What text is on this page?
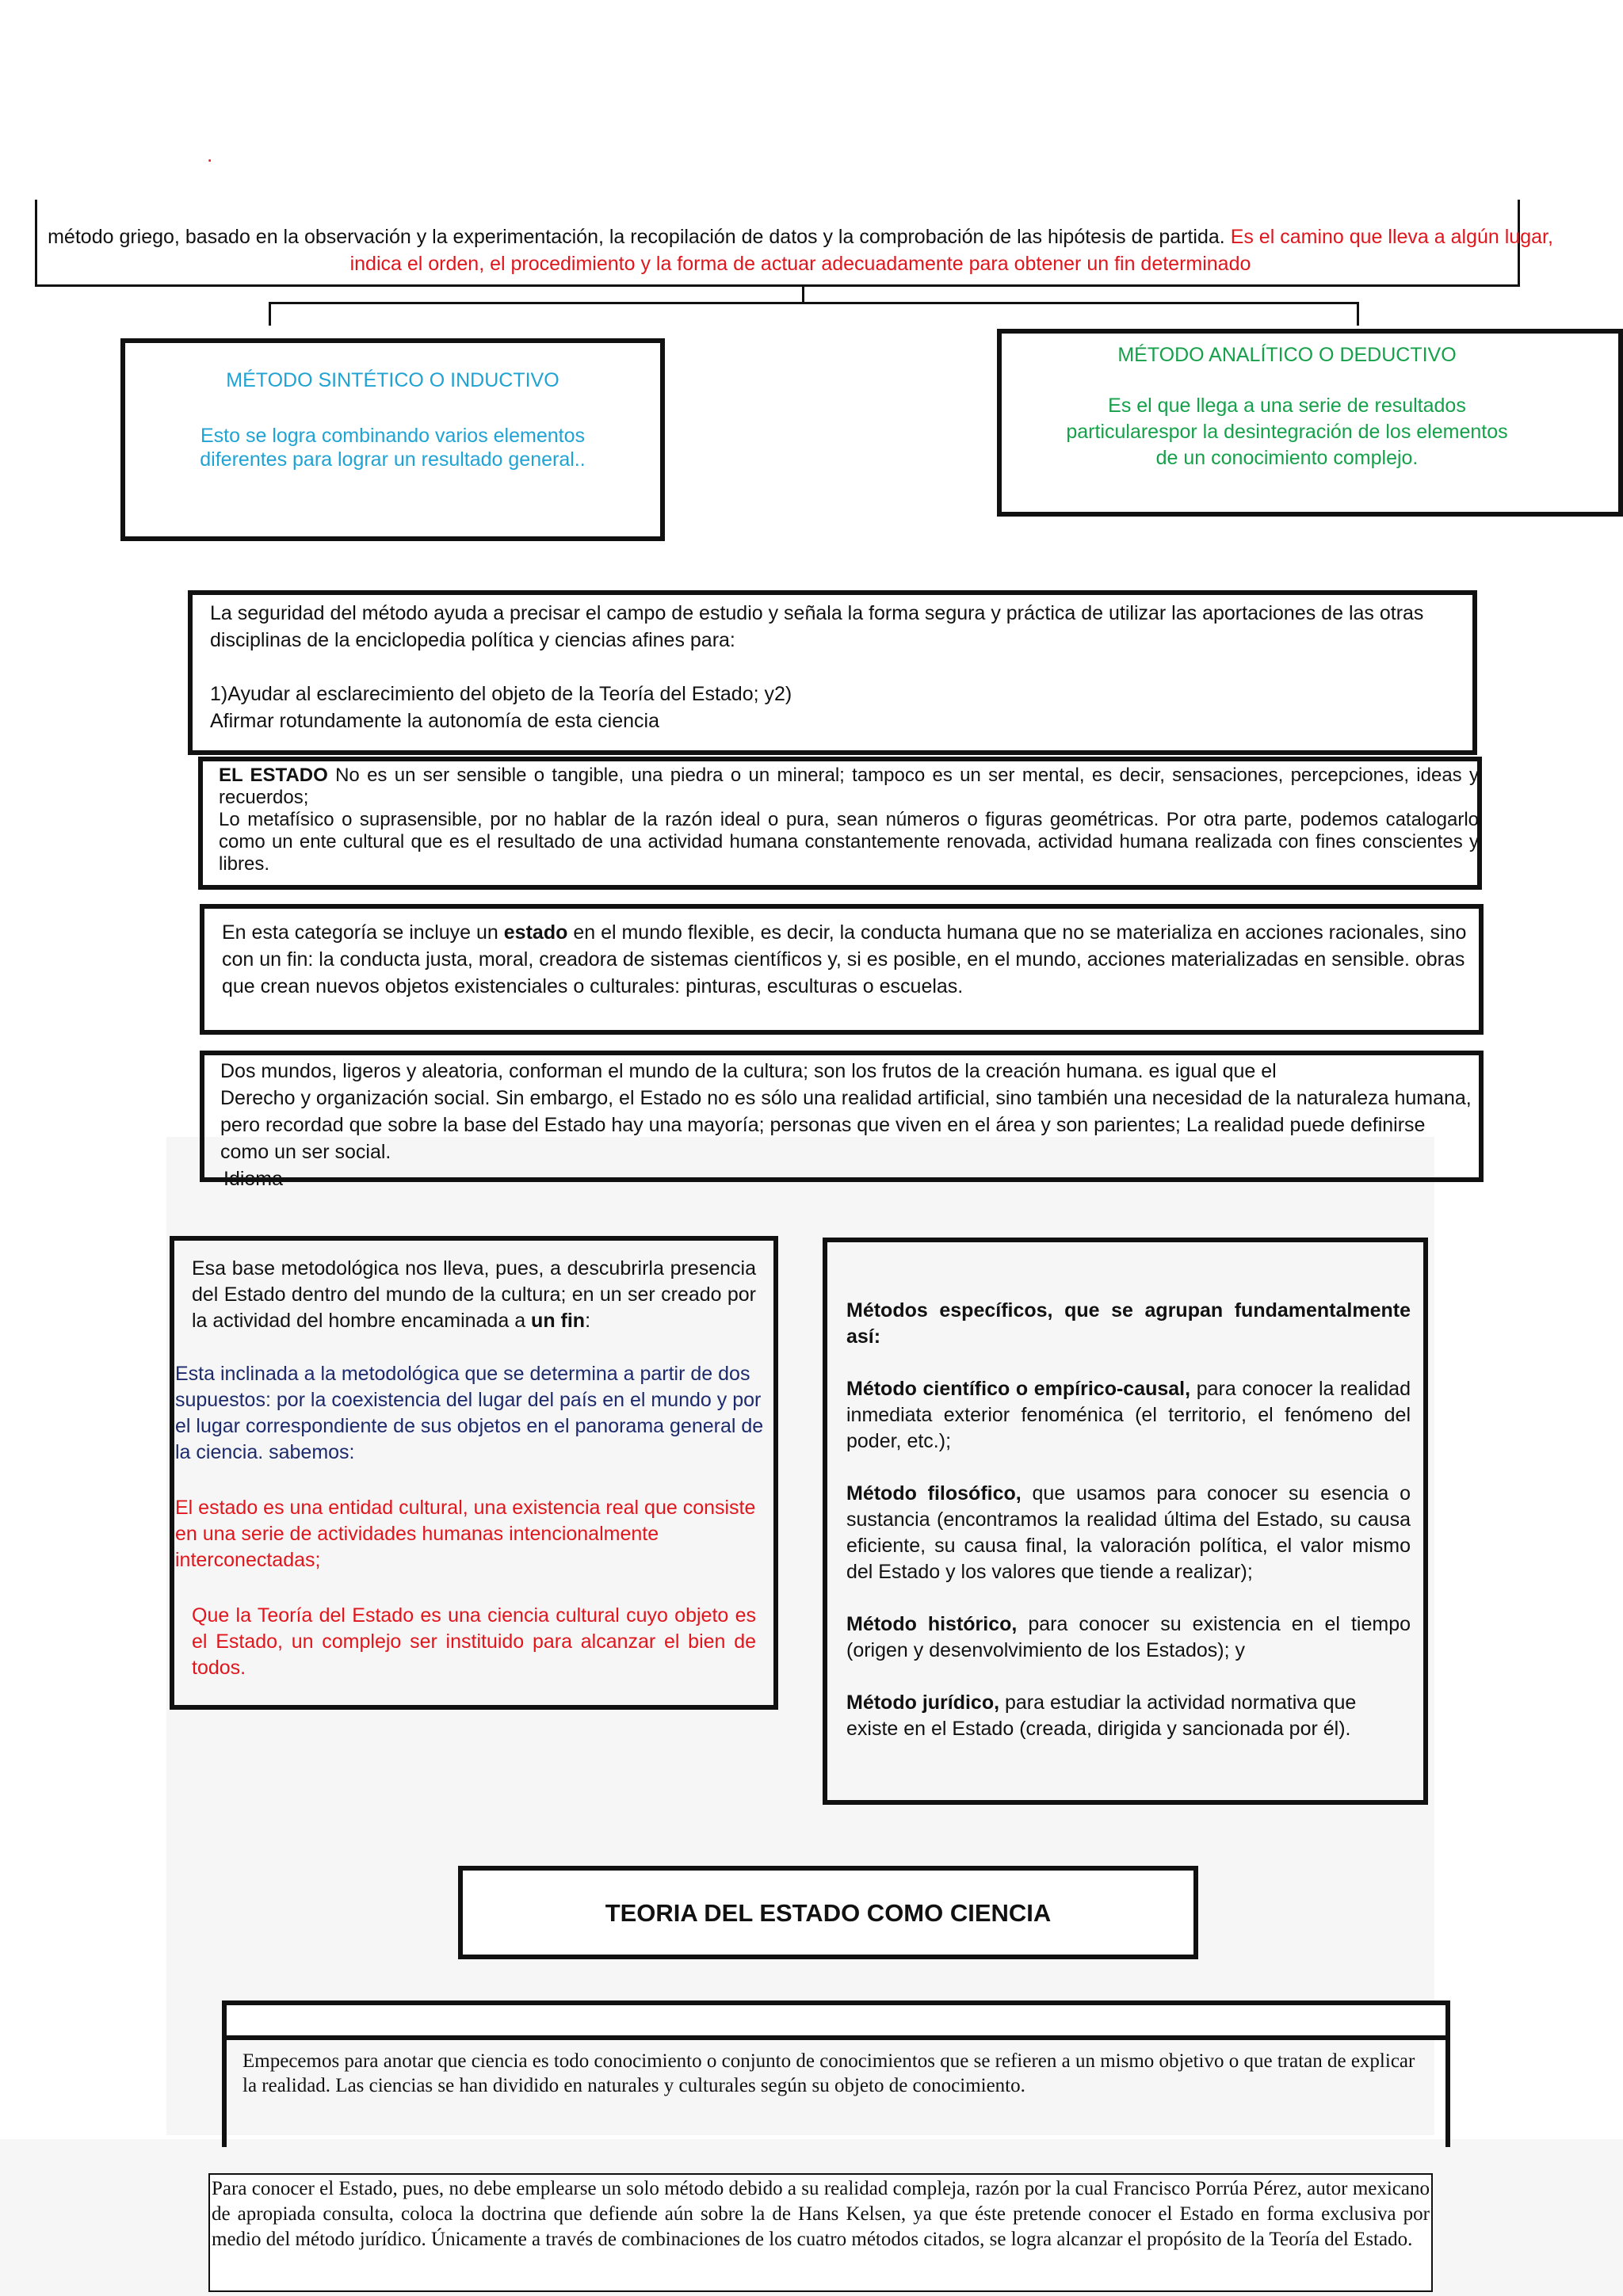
.
método griego, basado en la observación y la experimentación, la recopilación de datos y la comprobación de las hipótesis de partida. Es el camino que lleva a algún lugar,
indica el orden, el procedimiento y la forma de actuar adecuadamente para obtener un fin determinado
MÉTODO SINTÉTICO O INDUCTIVO
Esto se logra combinando varios elementos
diferentes para lograr un resultado general..
MÉTODO ANALÍTICO O DEDUCTIVO
Es el que llega a una serie de resultados
particularespor la desintegración de los elementos
de un conocimiento complejo.

La seguridad del método ayuda a precisar el campo de estudio y señala la forma segura y práctica de utilizar las aportaciones de las otras disciplinas de la enciclopedia política y ciencias afines para:

1)Ayudar al esclarecimiento del objeto de la Teoría del Estado; y2)

Afirmar rotundamente la autonomía de esta ciencia

EL ESTADO No es un ser sensible o tangible, una piedra o un mineral; tampoco es un ser mental, es decir, sensaciones, percepciones, ideas y recuerdos;

Lo metafísico o suprasensible, por no hablar de la razón ideal o pura, sean números o figuras geométricas. Por otra parte, podemos catalogarlo como un ente cultural que es el resultado de una actividad humana constantemente renovada, actividad humana realizada con fines conscientes y libres.

En esta categoría se incluye un estado en el mundo flexible, es decir, la conducta humana que no se materializa en acciones racionales, sino con un fin: la conducta justa, moral, creadora de sistemas científicos y, si es posible, en el mundo, acciones materializadas en sensible. obras que crean nuevos objetos existenciales o culturales: pinturas, esculturas o escuelas.

Dos mundos, ligeros y aleatoria, conforman el mundo de la cultura; son los frutos de la creación humana. es igual que el

Derecho y organización social. Sin embargo, el Estado no es sólo una realidad artificial, sino también una necesidad de la naturaleza humana, pero recordad que sobre la base del Estado hay una mayoría; personas que viven en el área y son parientes; La realidad puede definirse como un ser social.

Idioma

Esa base metodológica nos lleva, pues, a descubrirla presencia del Estado dentro del mundo de la cultura; en un ser creado por la actividad del hombre encaminada a un fin:
Esta inclinada a la metodológica que se determina a partir de dos supuestos: por la coexistencia del lugar del país en el mundo y por el lugar correspondiente de sus objetos en el panorama general de la ciencia. sabemos:
El estado es una entidad cultural, una existencia real que consiste en una serie de actividades humanas intencionalmente interconectadas;
Que la Teoría del Estado es una ciencia cultural cuyo objeto es el Estado, un complejo ser instituido para alcanzar el bien de todos.

Métodos específicos, que se agrupan fundamentalmente así:

Método científico o empírico-causal, para conocer la realidad inmediata exterior fenoménica (el territorio, el fenómeno del poder, etc.);

Método filosófico, que usamos para conocer su esencia o sustancia (encontramos la realidad última del Estado, su causa eficiente, su causa final, la valoración política, el valor mismo del Estado y los valores que tiende a realizar);

Método histórico, para conocer su existencia en el tiempo (origen y desenvolvimiento de los Estados); y

Método jurídico, para estudiar la actividad normativa que existe en el Estado (creada, dirigida y sancionada por él).

TEORIA DEL ESTADO COMO CIENCIA
Empecemos para anotar que ciencia es todo conocimiento o conjunto de conocimientos que se refieren a un mismo objetivo o que tratan de explicar la realidad. Las ciencias se han dividido en naturales y culturales según su objeto de conocimiento.
Para conocer el Estado, pues, no debe emplearse un solo método debido a su realidad compleja, razón por la cual Francisco Porrúa Pérez, autor mexicano de apropiada consulta, coloca la doctrina que defiende aún sobre la de Hans Kelsen, ya que éste pretende conocer el Estado en forma exclusiva por medio del método jurídico. Únicamente a través de combinaciones de los cuatro métodos citados, se logra alcanzar el propósito de la Teoría del Estado.
